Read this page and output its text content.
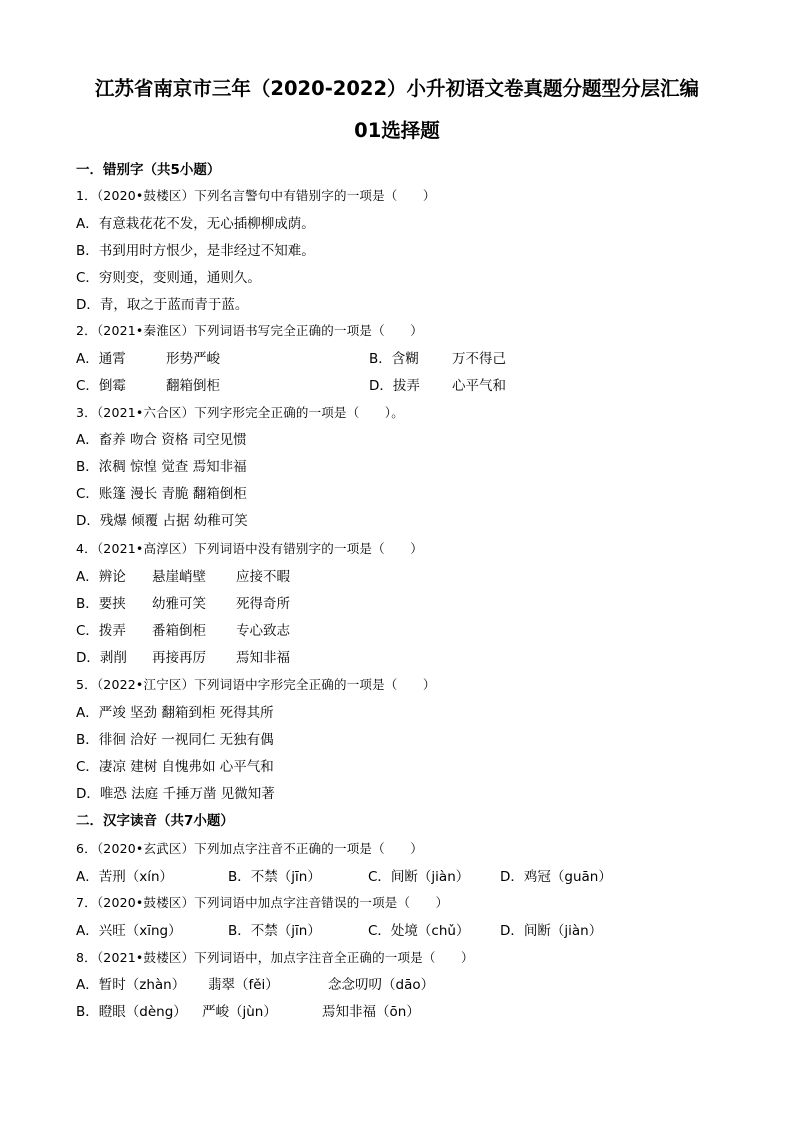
江苏省南京市三年（2020-2022）小升初语文卷真题分题型分层汇编
01选择题
一．错别字（共5小题）
1．（2020•鼓楼区）下列名言警句中有错别字的一项是（　　）
A．有意栽花花不发，无心插柳柳成荫。
B．书到用时方恨少，是非经过不知难。
C．穷则变，变则通，通则久。
D．青，取之于蓝而青于蓝。
2．（2021•秦淮区）下列词语书写完全正确的一项是（　　）
A．通霄	形势严峻	B．含糊 万不得己
C．倒霉	翻箱倒柜	D．拔弄 心平气和
3．（2021•六合区）下列字形完全正确的一项是（　　）。
A．畜养 吻合 资格 司空见惯
B．浓稠 惊惶 觉查 焉知非福
C．账篷 漫长 青脆 翻箱倒柜
D．残爆 倾覆 占据 幼稚可笑
4．（2021•高淳区）下列词语中没有错别字的一项是（　　）
A．辨论 悬崖峭壁 应接不暇
B．要挟 幼雅可笑 死得奇所
C．拨弄 番箱倒柜 专心致志
D．剥削 再接再厉 焉知非福
5．（2022•江宁区）下列词语中字形完全正确的一项是（　　）
A．严竣 坚劲 翻箱到柜 死得其所
B．徘徊 洽好 一视同仁 无独有偶
C．凄凉 建树 自愧弗如 心平气和
D．唯恐 法庭 千捶万凿 见微知著
二．汉字读音（共7小题）
6．（2020•玄武区）下列加点字注音不正确的一项是（　　）
A．苦刑（xín）	B．不禁（jīn）	C．间断（jiàn） D．鸡冠（guān）
7．（2020•鼓楼区）下列词语中加点字注音错误的一项是（　　）
A．兴旺（xīng）	B．不禁（jīn）	C．处境（chǔ） D．间断（jiàn）
8．（2021•鼓楼区）下列词语中，加点字注音全正确的一项是（　　）
A．暂时（zhàn） 翡翠（fěi）	念念叨叨（dāo）
B．瞪眼（dèng） 严峻（jùn）	焉知非福（ōn）
